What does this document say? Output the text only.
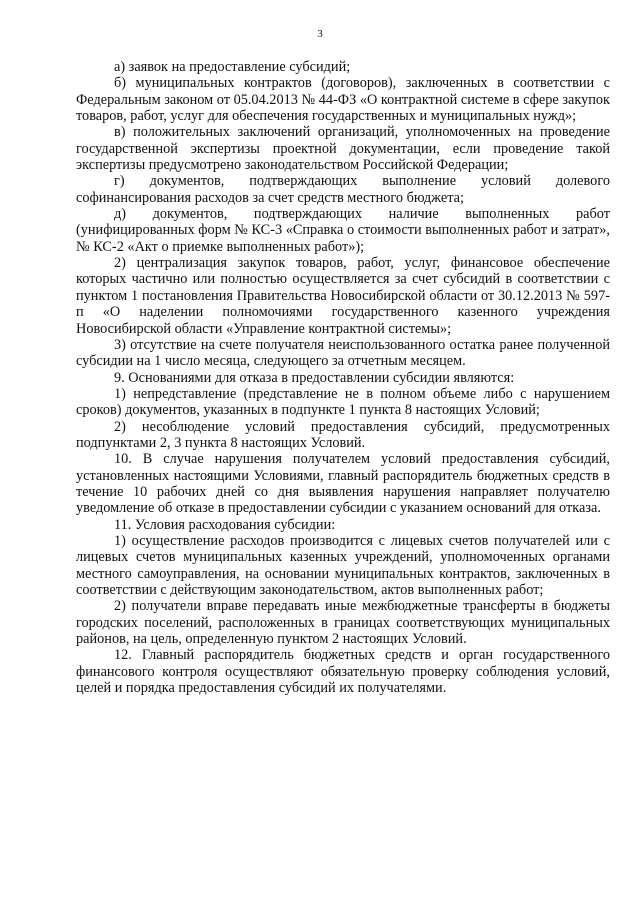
3

а) заявок на предоставление субсидий;

б) муниципальных контрактов (договоров), заключенных в соответствии с Федеральным законом от 05.04.2013 № 44-ФЗ «О контрактной системе в сфере закупок товаров, работ, услуг для обеспечения государственных и муниципальных нужд»;

в) положительных заключений организаций, уполномоченных на проведение государственной экспертизы проектной документации, если проведение такой экспертизы предусмотрено законодательством Российской Федерации;

г) документов, подтверждающих выполнение условий долевого софинансирования расходов за счет средств местного бюджета;

д) документов, подтверждающих наличие выполненных работ (унифицированных форм № КС-3 «Справка о стоимости выполненных работ и затрат», № КС-2 «Акт о приемке выполненных работ»);

2) централизация закупок товаров, работ, услуг, финансовое обеспечение которых частично или полностью осуществляется за счет субсидий в соответствии с пунктом 1 постановления Правительства Новосибирской области от 30.12.2013 № 597-п «О наделении полномочиями государственного казенного учреждения Новосибирской области «Управление контрактной системы»;

3) отсутствие на счете получателя неиспользованного остатка ранее полученной субсидии на 1 число месяца, следующего за отчетным месяцем.

9. Основаниями для отказа в предоставлении субсидии являются:

1) непредставление (представление не в полном объеме либо с нарушением сроков) документов, указанных в подпункте 1 пункта 8 настоящих Условий;

2) несоблюдение условий предоставления субсидий, предусмотренных подпунктами 2, 3 пункта 8 настоящих Условий.

10. В случае нарушения получателем условий предоставления субсидий, установленных настоящими Условиями, главный распорядитель бюджетных средств в течение 10 рабочих дней со дня выявления нарушения направляет получателю уведомление об отказе в предоставлении субсидии с указанием оснований для отказа.

11. Условия расходования субсидии:

1) осуществление расходов производится с лицевых счетов получателей или с лицевых счетов муниципальных казенных учреждений, уполномоченных органами местного самоуправления, на основании муниципальных контрактов, заключенных в соответствии с действующим законодательством, актов выполненных работ;

2) получатели вправе передавать иные межбюджетные трансферты в бюджеты городских поселений, расположенных в границах соответствующих муниципальных районов, на цель, определенную пунктом 2 настоящих Условий.

12. Главный распорядитель бюджетных средств и орган государственного финансового контроля осуществляют обязательную проверку соблюдения условий, целей и порядка предоставления субсидий их получателями.
